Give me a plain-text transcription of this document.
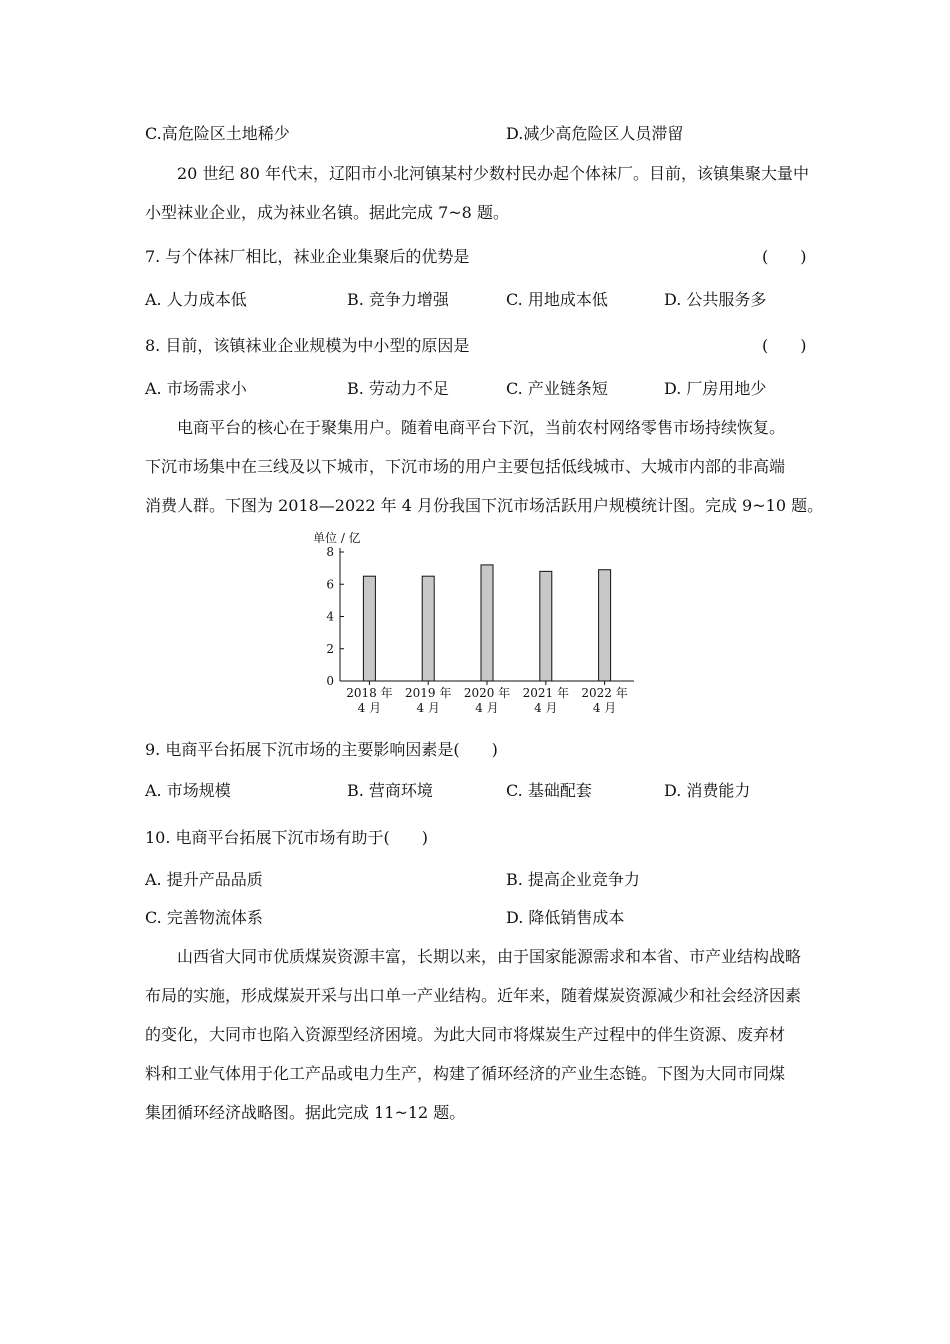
C.高危险区土地稀少	D.减少高危险区人员滞留
20 世纪 80 年代末，辽阳市小北河镇某村少数村民办起个体袜厂。目前，该镇集聚大量中
小型袜业企业，成为袜业名镇。据此完成 7~8 题。
7. 与个体袜厂相比，袜业企业集聚后的优势是	(　　)
A. 人力成本低	B. 竞争力增强	C. 用地成本低	D. 公共服务多
8. 目前，该镇袜业企业规模为中小型的原因是	(　　)
A. 市场需求小	B. 劳动力不足	C. 产业链条短	D. 厂房用地少
电商平台的核心在于聚集用户。随着电商平台下沉，当前农村网络零售市场持续恢复。
下沉市场集中在三线及以下城市，下沉市场的用户主要包括低线城市、大城市内部的非高端
消费人群。下图为 2018—2022 年 4 月份我国下沉市场活跃用户规模统计图。完成 9~10 题。
单位 / 亿
0
2
4
6
8
2018 年
4 月
2019 年
4 月
2020 年
4 月
2021 年
4 月
2022 年
4 月
9. 电商平台拓展下沉市场的主要影响因素是(　　)
A. 市场规模	B. 营商环境	C. 基础配套	D. 消费能力
10. 电商平台拓展下沉市场有助于(　　)
A. 提升产品品质	B. 提高企业竞争力
C. 完善物流体系	D. 降低销售成本
山西省大同市优质煤炭资源丰富，长期以来，由于国家能源需求和本省、市产业结构战略
布局的实施，形成煤炭开采与出口单一产业结构。近年来，随着煤炭资源减少和社会经济因素
的变化，大同市也陷入资源型经济困境。为此大同市将煤炭生产过程中的伴生资源、废弃材
料和工业气体用于化工产品或电力生产，构建了循环经济的产业生态链。下图为大同市同煤
集团循环经济战略图。据此完成 11~12 题。
